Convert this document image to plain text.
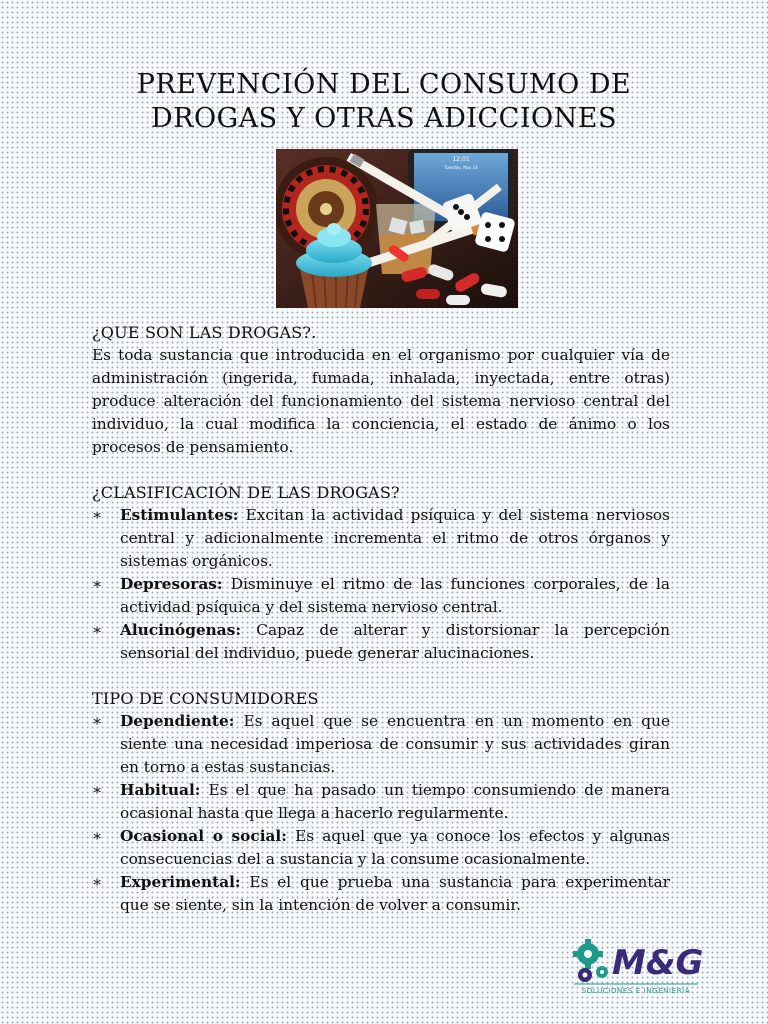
PREVENCIÓN DEL CONSUMO DE
DROGAS Y OTRAS ADICCIONES
12:01
Tuesday, May 14

¿QUE SON LAS DROGAS?.

Es toda sustancia que introducida en el organismo por cualquier vía de administración (ingerida, fumada, inhalada, inyectada, entre otras) produce alteración del funcionamiento del sistema nervioso central del individuo, la cual modifica la conciencia, el estado de ánimo o los procesos de pensamiento.

¿CLASIFICACIÓN DE LAS DROGAS?

∗	Estimulantes: Excitan la actividad psíquica y del sistema nerviosos central y adicionalmente incrementa el ritmo de otros órganos y sistemas orgánicos.

∗	Depresoras: Disminuye el ritmo de las funciones corporales, de la actividad psíquica y del sistema nervioso central.

∗	Alucinógenas: Capaz de alterar y distorsionar la percepción sensorial del individuo, puede generar alucinaciones.

TIPO DE CONSUMIDORES

∗	Dependiente: Es aquel que se encuentra en un momento en que siente una necesidad imperiosa de consumir y sus actividades giran en torno a estas sustancias.

∗	Habitual: Es el que ha pasado un tiempo consumiendo de manera ocasional hasta que llega a hacerlo regularmente.

∗	Ocasional o social: Es aquel que ya conoce los efectos y algunas consecuencias del a sustancia y la consume ocasionalmente.

∗	Experimental: Es el que prueba una sustancia para experimentar que se siente, sin la intención de volver a consumir.

M&G
SOLUCIONES E INGENIERÍA
